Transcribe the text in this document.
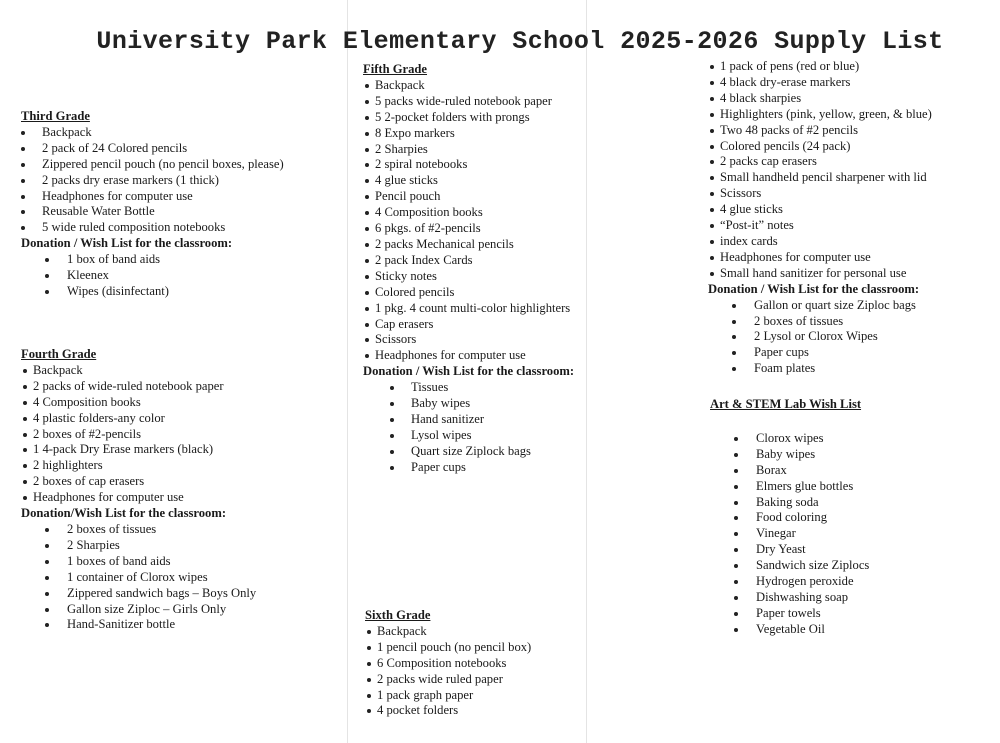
University Park Elementary School 2025-2026 Supply List
Third Grade
Backpack
2 pack of 24 Colored pencils
Zippered pencil pouch (no pencil boxes, please)
2 packs dry erase markers (1 thick)
Headphones for computer use
Reusable Water Bottle
5 wide ruled composition notebooks
Donation / Wish List for the classroom:
1 box of band aids
Kleenex
Wipes (disinfectant)
Fourth Grade
Backpack
2 packs of wide-ruled notebook paper
4 Composition books
4 plastic folders-any color
2 boxes of #2-pencils
1 4-pack Dry Erase markers (black)
2 highlighters
2 boxes of cap erasers
Headphones for computer use
Donation/Wish List for the classroom:
2 boxes of tissues
2 Sharpies
1 boxes of band aids
1 container of Clorox wipes
Zippered sandwich bags – Boys Only
Gallon size Ziploc – Girls Only
Hand-Sanitizer bottle
Fifth Grade
Backpack
5 packs wide-ruled notebook paper
5 2-pocket folders with prongs
8 Expo markers
2 Sharpies
2 spiral notebooks
4 glue sticks
Pencil pouch
4 Composition books
6 pkgs. of #2-pencils
2 packs Mechanical pencils
2 pack Index Cards
Sticky notes
Colored pencils
1 pkg. 4 count multi-color highlighters
Cap erasers
Scissors
Headphones for computer use
Donation / Wish List for the classroom:
Tissues
Baby wipes
Hand sanitizer
Lysol wipes
Quart size Ziplock bags
Paper cups
Sixth Grade
Backpack
1 pencil pouch (no pencil box)
6 Composition notebooks
2 packs wide ruled paper
1 pack graph paper
4 pocket folders
1 pack of pens (red or blue)
4 black dry-erase markers
4 black sharpies
Highlighters (pink, yellow, green, & blue)
Two 48 packs of #2 pencils
Colored pencils (24 pack)
2 packs cap erasers
Small handheld pencil sharpener with lid
Scissors
4 glue sticks
“Post-it” notes
index cards
Headphones for computer use
Small hand sanitizer for personal use
Donation / Wish List for the classroom:
Gallon or quart size Ziploc bags
2 boxes of tissues
2 Lysol or Clorox Wipes
Paper cups
Foam plates
Art & STEM Lab Wish List
Clorox wipes
Baby wipes
Borax
Elmers glue bottles
Baking soda
Food coloring
Vinegar
Dry Yeast
Sandwich size Ziplocs
Hydrogen peroxide
Dishwashing soap
Paper towels
Vegetable Oil
